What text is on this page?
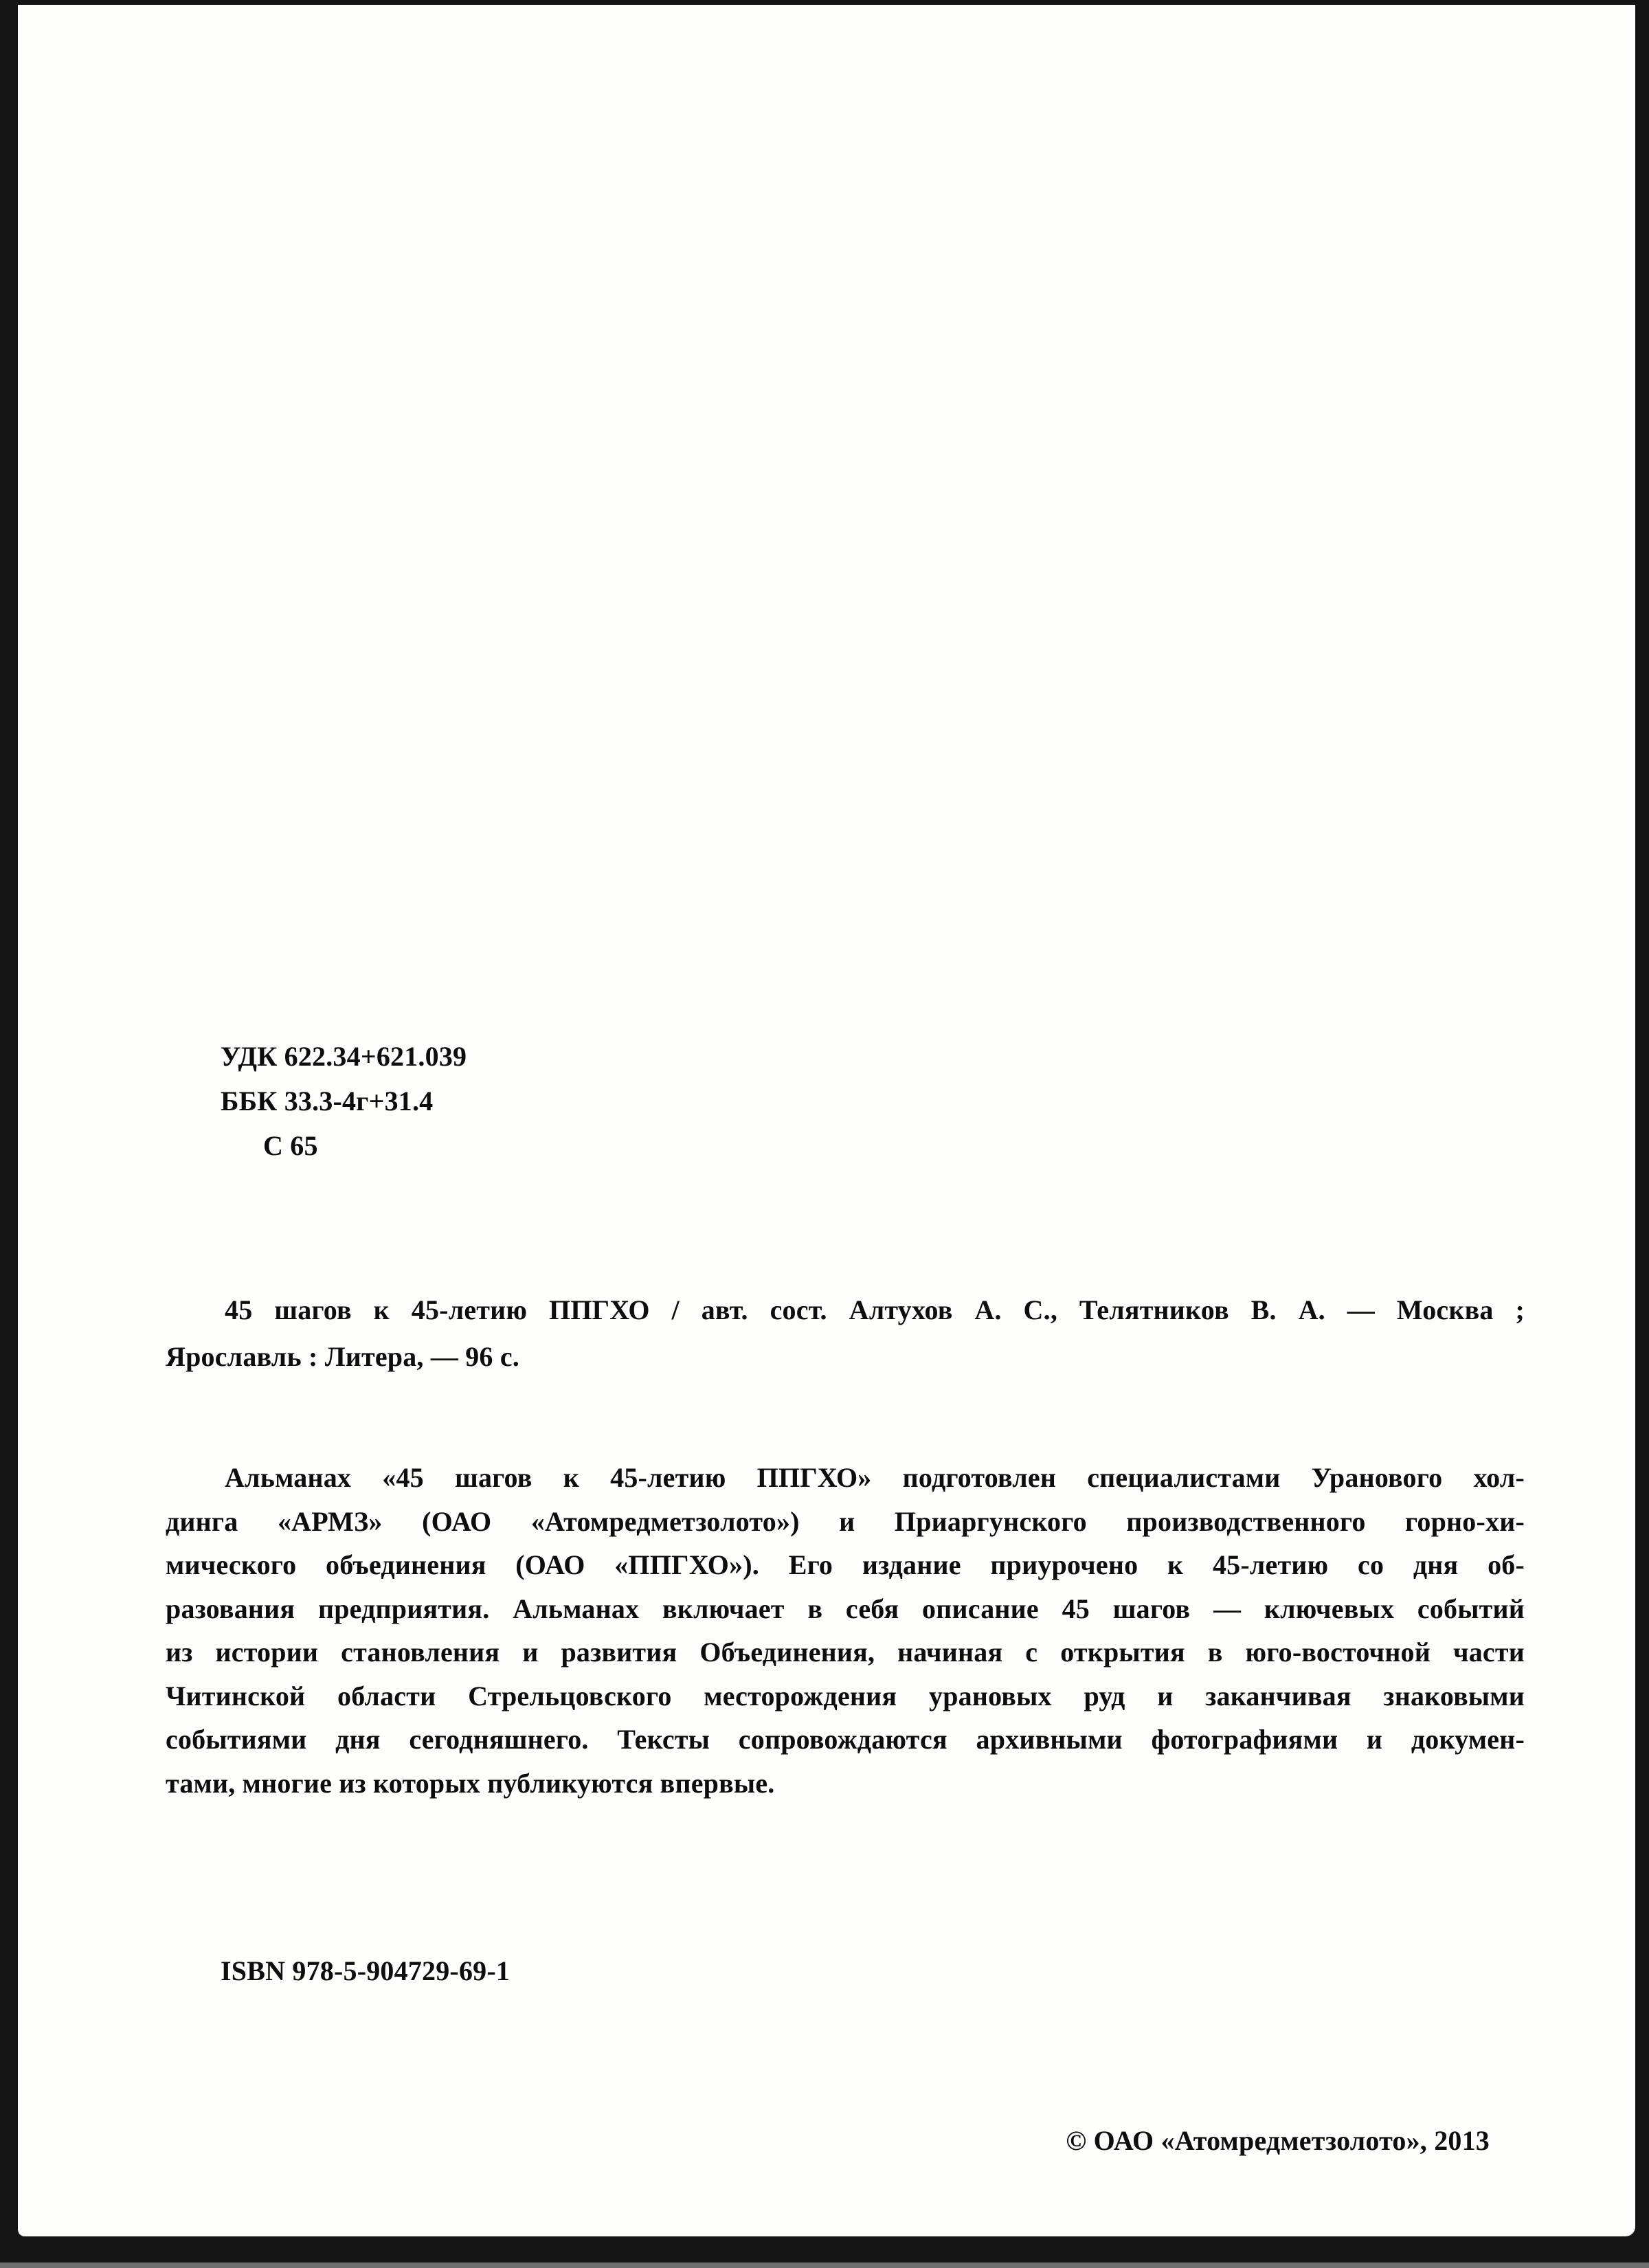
УДК 622.34+621.039
ББК 33.3-4г+31.4
С 65
45 шагов к 45-летию ППГХО / авт. сост. Алтухов А. С., Телятников В. А. — Москва ;
Ярославль : Литера, — 96 с.
Альманах «45 шагов к 45-летию ППГХО» подготовлен специалистами Уранового хол-
динга «АРМЗ» (ОАО «Атомредметзолото») и Приаргунского производственного горно-хи-
мического объединения (ОАО «ППГХО»). Его издание приурочено к 45-летию со дня об-
разования предприятия. Альманах включает в себя описание 45 шагов — ключевых событий
из истории становления и развития Объединения, начиная с открытия в юго-восточной части
Читинской области Стрельцовского месторождения урановых руд и заканчивая знаковыми
событиями дня сегодняшнего. Тексты сопровождаются архивными фотографиями и докумен-
тами, многие из которых публикуются впервые.
ISBN 978-5-904729-69-1
© ОАО «Атомредметзолото», 2013
